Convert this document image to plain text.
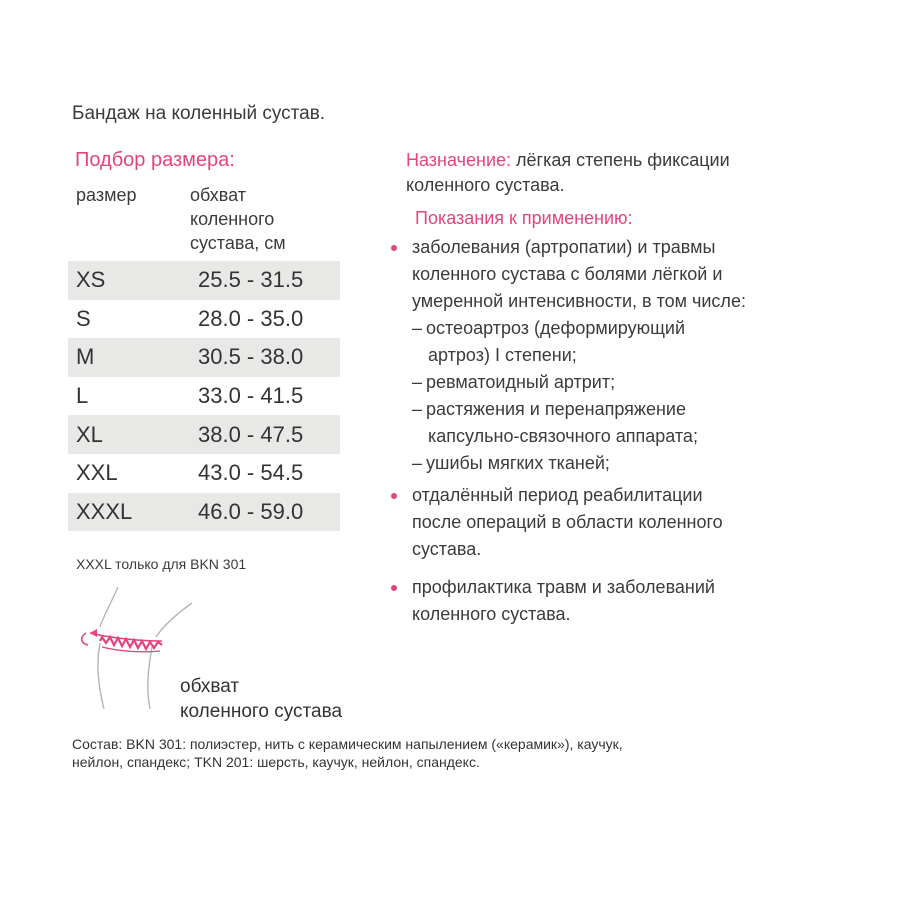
Бандаж на коленный сустав.
Подбор размера:
размер	обхват коленного сустава, см
XS	25.5 - 31.5
S	28.0 - 35.0
M	30.5 - 38.0
L	33.0 - 41.5
XL	38.0 - 47.5
XXL	43.0 - 54.5
XXXL	46.0 - 59.0
XXXL только для BKN 301
обхват
коленного сустава
Назначение: лёгкая степень фиксации
коленного сустава.
Показания к применению:
заболевания (артропатии) и травмы
коленного сустава с болями лёгкой и
умеренной интенсивности, в том числе:
– остеоартроз (деформирующий
артроз) I степени;
– ревматоидный артрит;
– растяжения и перенапряжение
капсульно-связочного аппарата;
– ушибы мягких тканей;
отдалённый период реабилитации
после операций в области коленного
сустава.
профилактика травм и заболеваний
коленного сустава.
Состав: BKN 301: полиэстер, нить с керамическим напылением («керамик»), каучук,
нейлон, спандекс; TKN 201: шерсть, каучук, нейлон, спандекс.
